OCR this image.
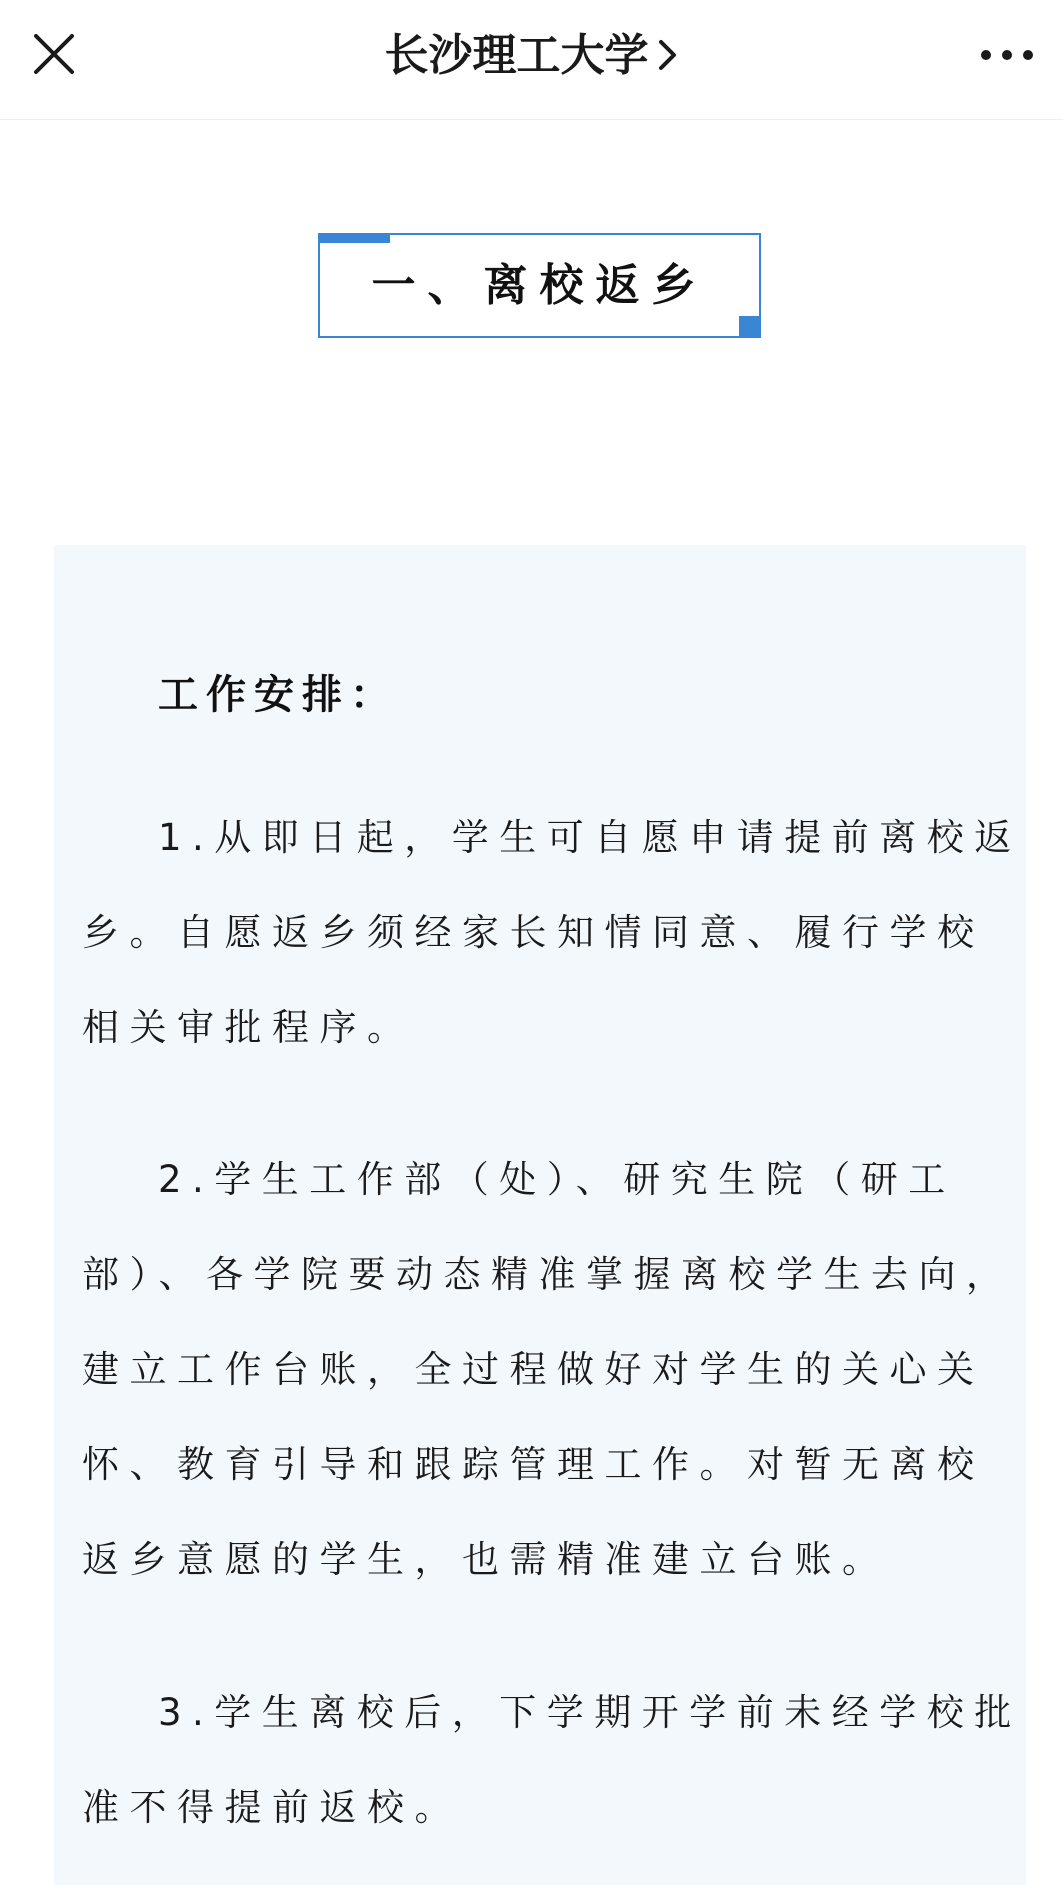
长沙理工大学
一、离校返乡
工作安排：

1.从即日起，学生可自愿申请提前离校返乡。自愿返乡须经家长知情同意、履行学校相关审批程序。

2.学生工作部（处）、研究生院（研工部）、各学院要动态精准掌握离校学生去向，建立工作台账，全过程做好对学生的关心关怀、教育引导和跟踪管理工作。对暂无离校返乡意愿的学生，也需精准建立台账。

3.学生离校后，下学期开学前未经学校批准不得提前返校。
